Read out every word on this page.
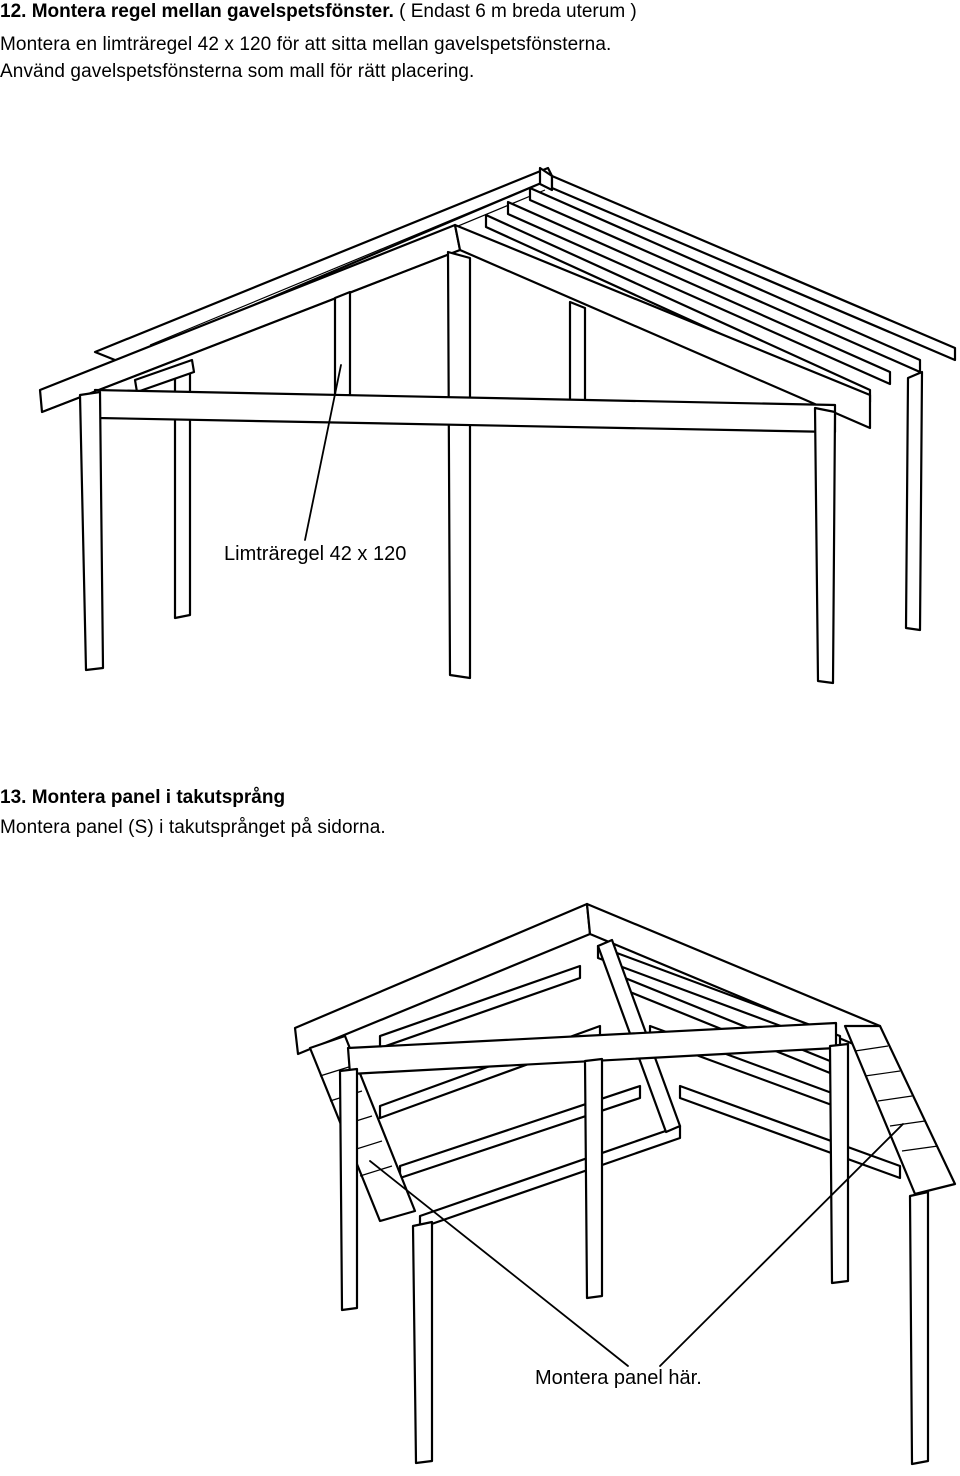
12. Montera regel mellan gavelspetsfönster. ( Endast 6 m breda uterum )
Montera en limträregel 42 x 120 för att sitta mellan gavelspetsfönsterna.
Använd gavelspetsfönsterna som mall för rätt placering.
Limträregel 42 x 120
13. Montera panel i takutsprång
Montera panel (S) i takutsprånget på sidorna.
Montera panel här.
